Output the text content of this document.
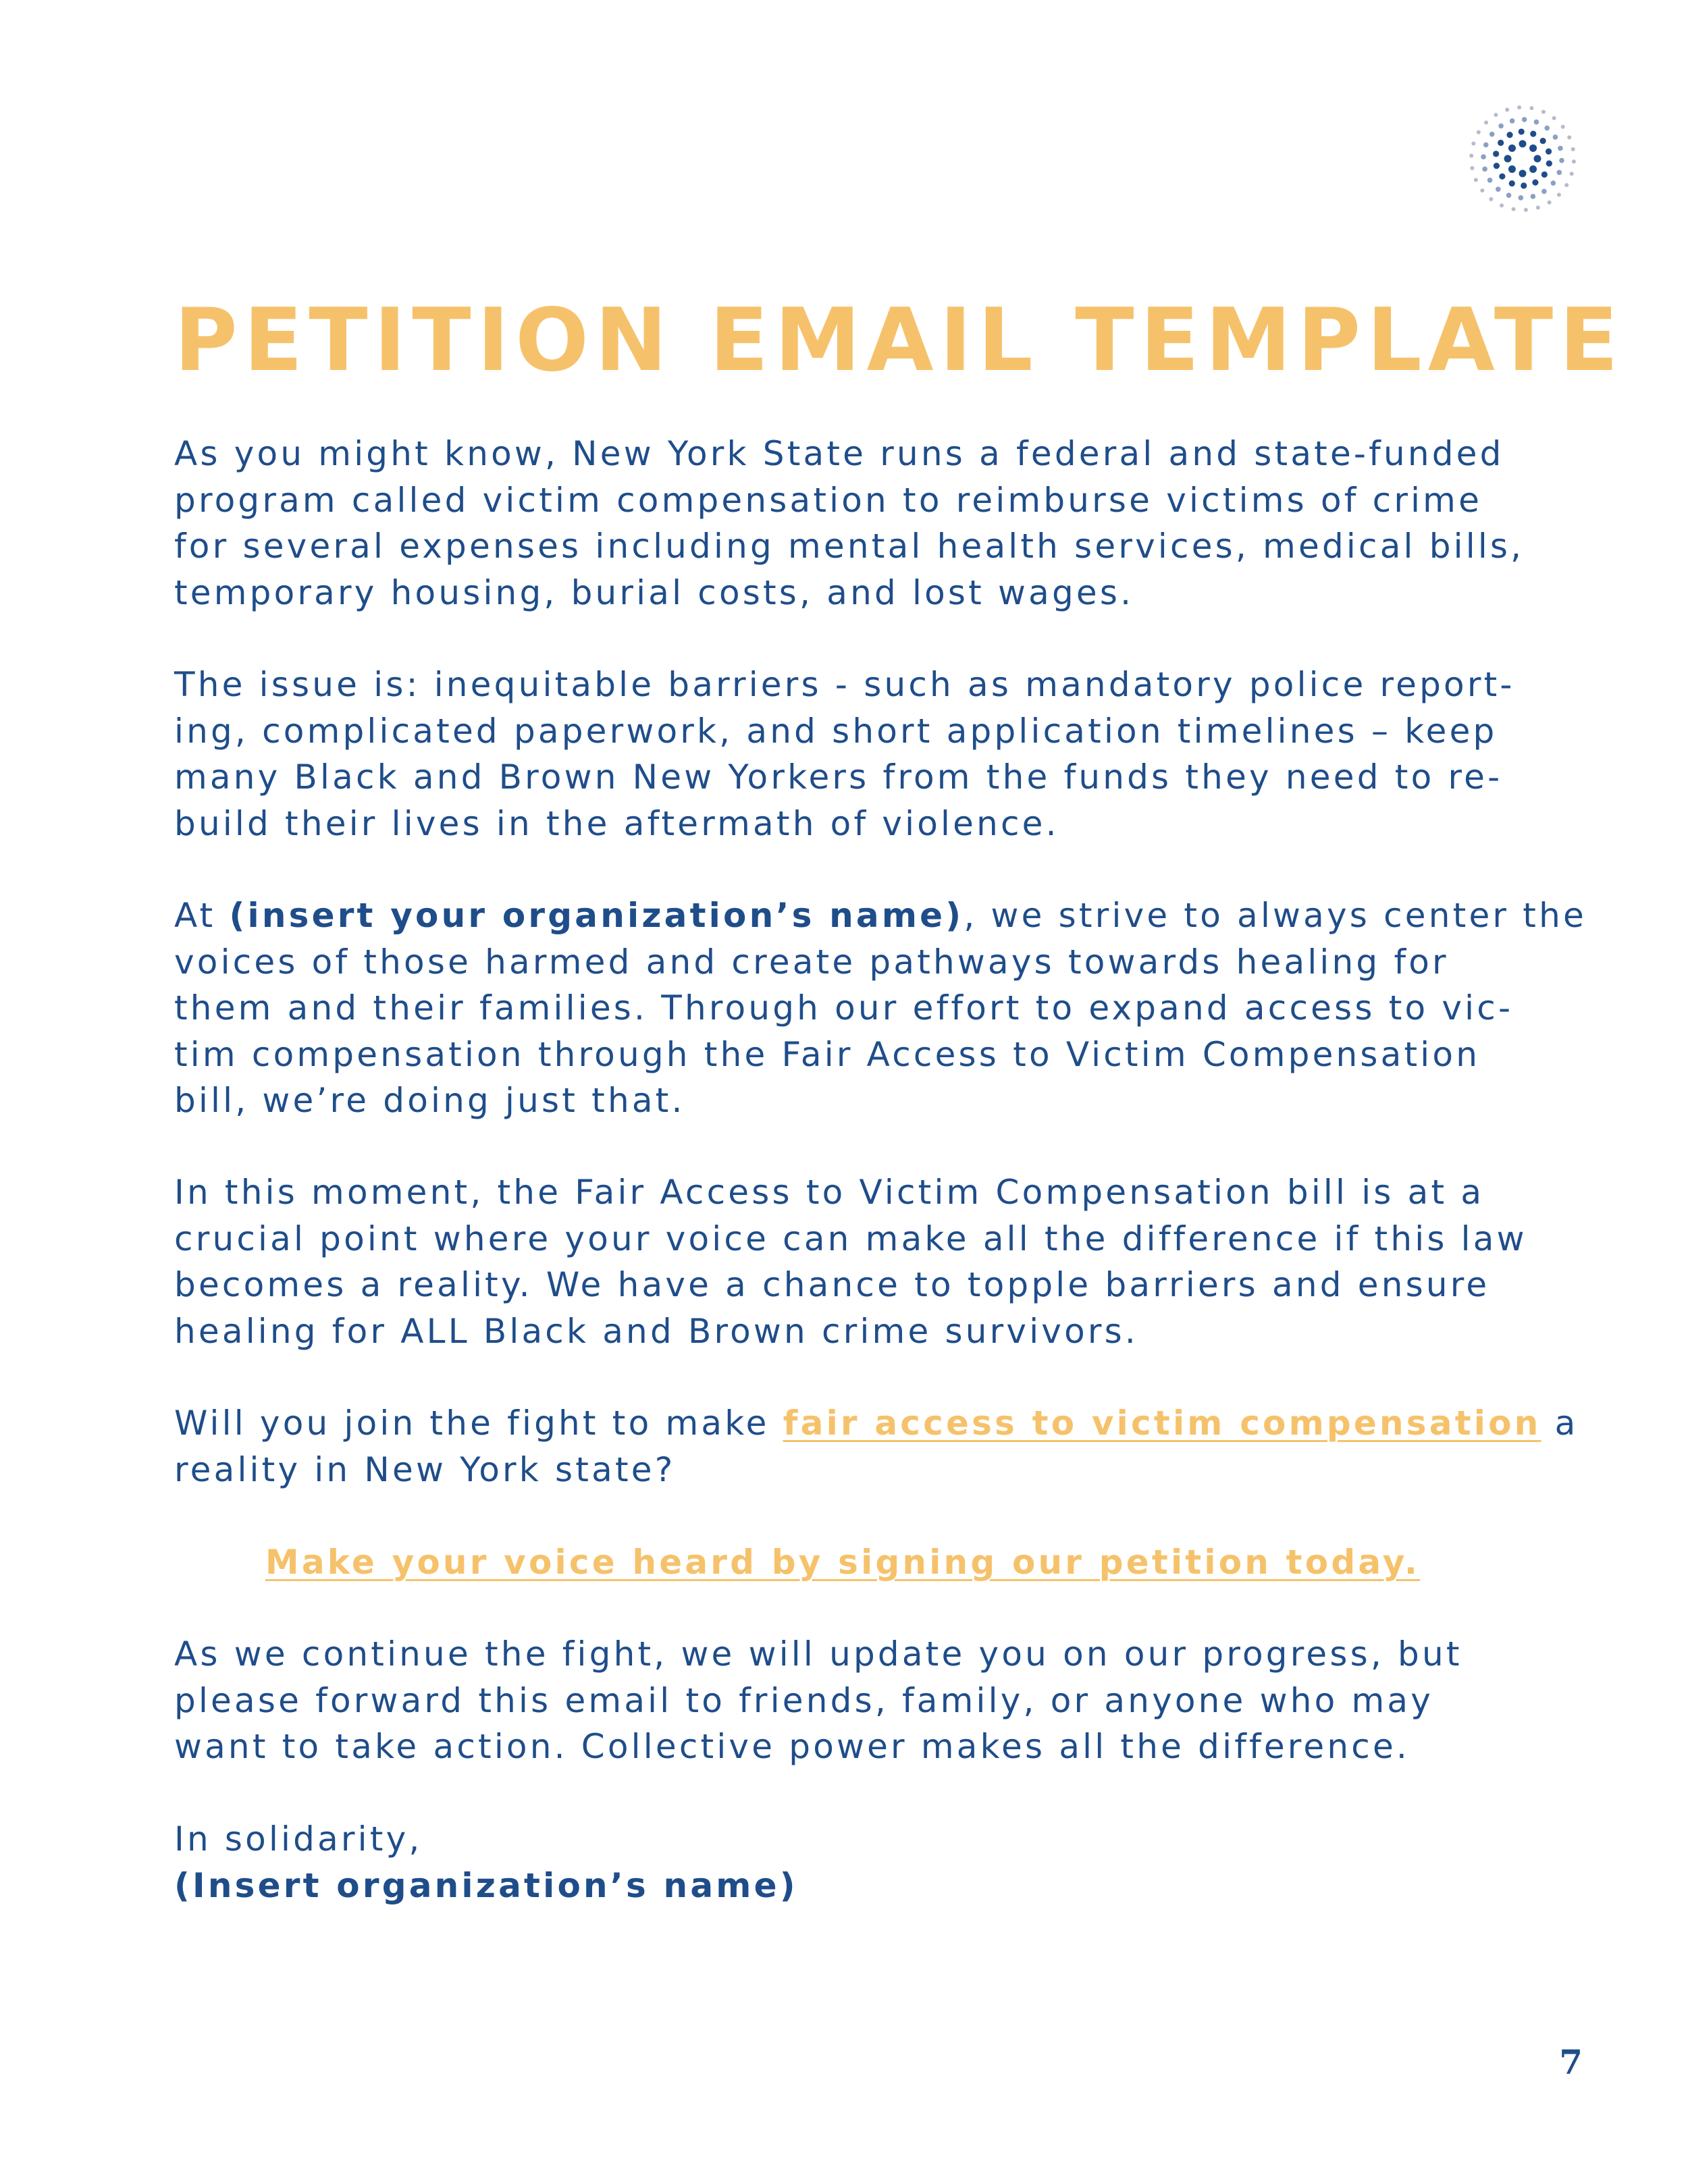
PETITION EMAIL TEMPLATE

As you might know, New York State runs a federal and state-funded
program called victim compensation to reimburse victims of crime
for several expenses including mental health services, medical bills,
temporary housing, burial costs, and lost wages.

The issue is: inequitable barriers - such as mandatory police report-
ing, complicated paperwork, and short application timelines – keep
many Black and Brown New Yorkers from the funds they need to re-
build their lives in the aftermath of violence.

At (insert your organization’s name), we strive to always center the
voices of those harmed and create pathways towards healing for
them and their families. Through our effort to expand access to vic-
tim compensation through the Fair Access to Victim Compensation
bill, we’re doing just that.

In this moment, the Fair Access to Victim Compensation bill is at a
crucial point where your voice can make all the difference if this law
becomes a reality. We have a chance to topple barriers and ensure
healing for ALL Black and Brown crime survivors.

Will you join the fight to make fair access to victim compensation a
reality in New York state?

Make your voice heard by signing our petition today.

As we continue the fight, we will update you on our progress, but
please forward this email to friends, family, or anyone who may
want to take action. Collective power makes all the difference.

In solidarity,
(Insert organization’s name)

7
